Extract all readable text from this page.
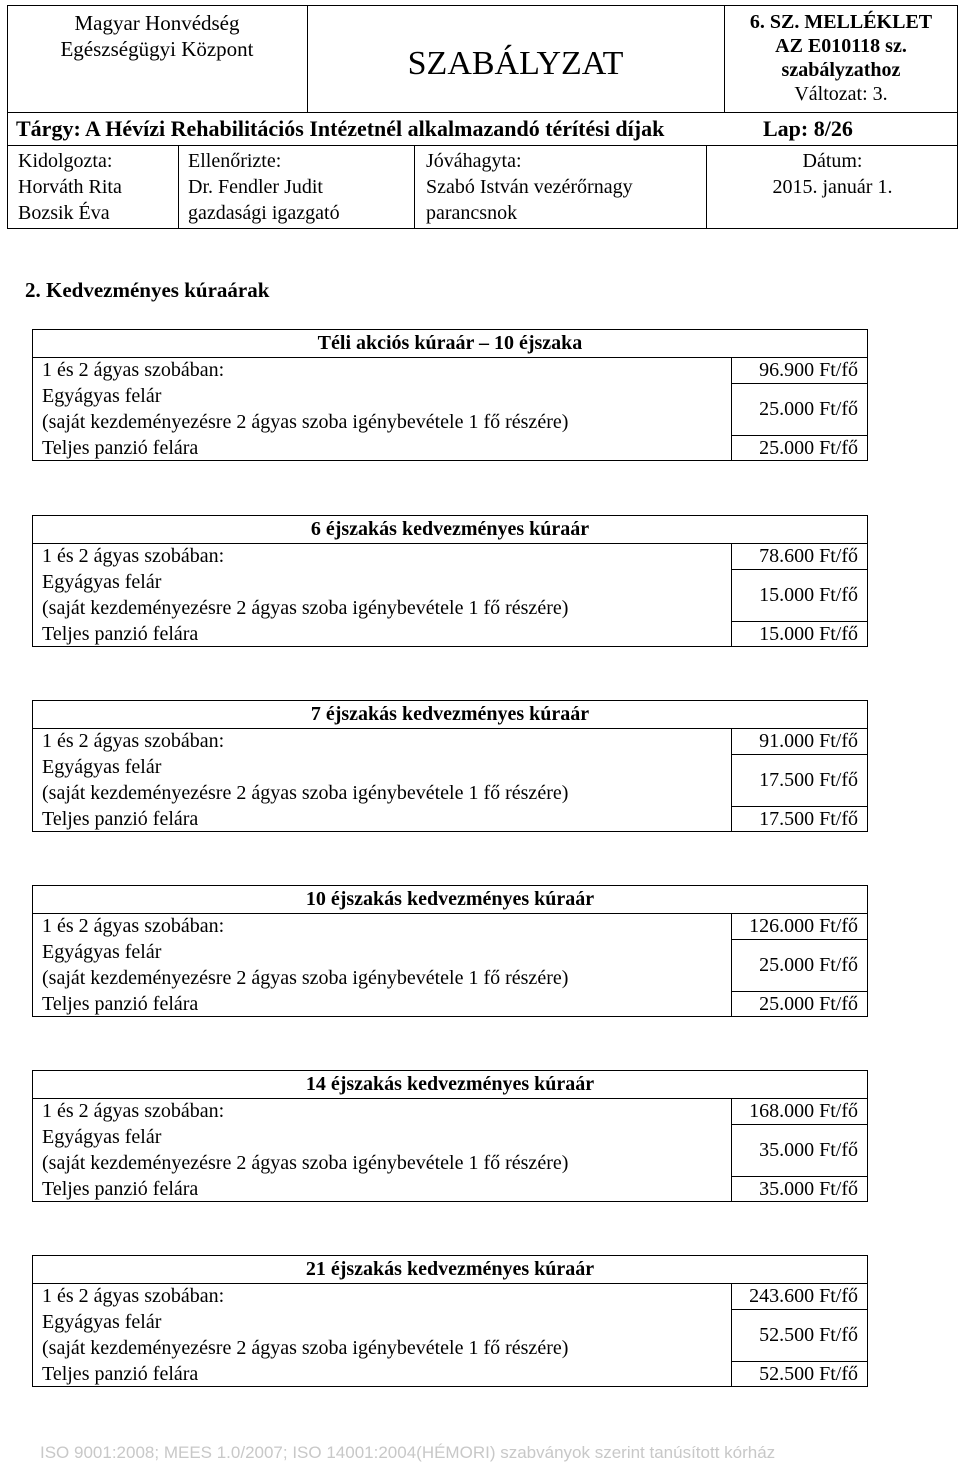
Magyar Honvédség
Egészségügyi Központ	SZABÁLYZAT
6. SZ. MELLÉKLET
AZ E010118 sz.
szabályzathoz
Változat: 3.
Tárgy: A Hévízi Rehabilitációs Intézetnél alkalmazandó térítési díjak	Lap: 8/26
Kidolgozta:
Horváth Rita
Bozsik Éva
Ellenőrizte:
Dr. Fendler Judit
gazdasági igazgató
Jóváhagyta:
Szabó István vezérőrnagy
parancsnok
Dátum:
2015. január 1.
2. Kedvezményes kúraárak
Téli akciós kúraár – 10 éjszaka
1 és 2 ágyas szobában:
Egyágyas felár
(saját kezdeményezésre 2 ágyas szoba igénybevétele 1 fő részére)
Teljes panzió felára
96.900 Ft/fő
25.000 Ft/fő
25.000 Ft/fő
6 éjszakás kedvezményes kúraár
1 és 2 ágyas szobában:
Egyágyas felár
(saját kezdeményezésre 2 ágyas szoba igénybevétele 1 fő részére)
Teljes panzió felára
78.600 Ft/fő
15.000 Ft/fő
15.000 Ft/fő
7 éjszakás kedvezményes kúraár
1 és 2 ágyas szobában:
Egyágyas felár
(saját kezdeményezésre 2 ágyas szoba igénybevétele 1 fő részére)
Teljes panzió felára
91.000 Ft/fő
17.500 Ft/fő
17.500 Ft/fő
10 éjszakás kedvezményes kúraár
1 és 2 ágyas szobában:
Egyágyas felár
(saját kezdeményezésre 2 ágyas szoba igénybevétele 1 fő részére)
Teljes panzió felára
126.000 Ft/fő
25.000 Ft/fő
25.000 Ft/fő
14 éjszakás kedvezményes kúraár
1 és 2 ágyas szobában:
Egyágyas felár
(saját kezdeményezésre 2 ágyas szoba igénybevétele 1 fő részére)
Teljes panzió felára
168.000 Ft/fő
35.000 Ft/fő
35.000 Ft/fő
21 éjszakás kedvezményes kúraár
1 és 2 ágyas szobában:
Egyágyas felár
(saját kezdeményezésre 2 ágyas szoba igénybevétele 1 fő részére)
Teljes panzió felára
243.600 Ft/fő
52.500 Ft/fő
52.500 Ft/fő
ISO 9001:2008; MEES 1.0/2007; ISO 14001:2004(HÉMORI) szabványok szerint tanúsított kórház
